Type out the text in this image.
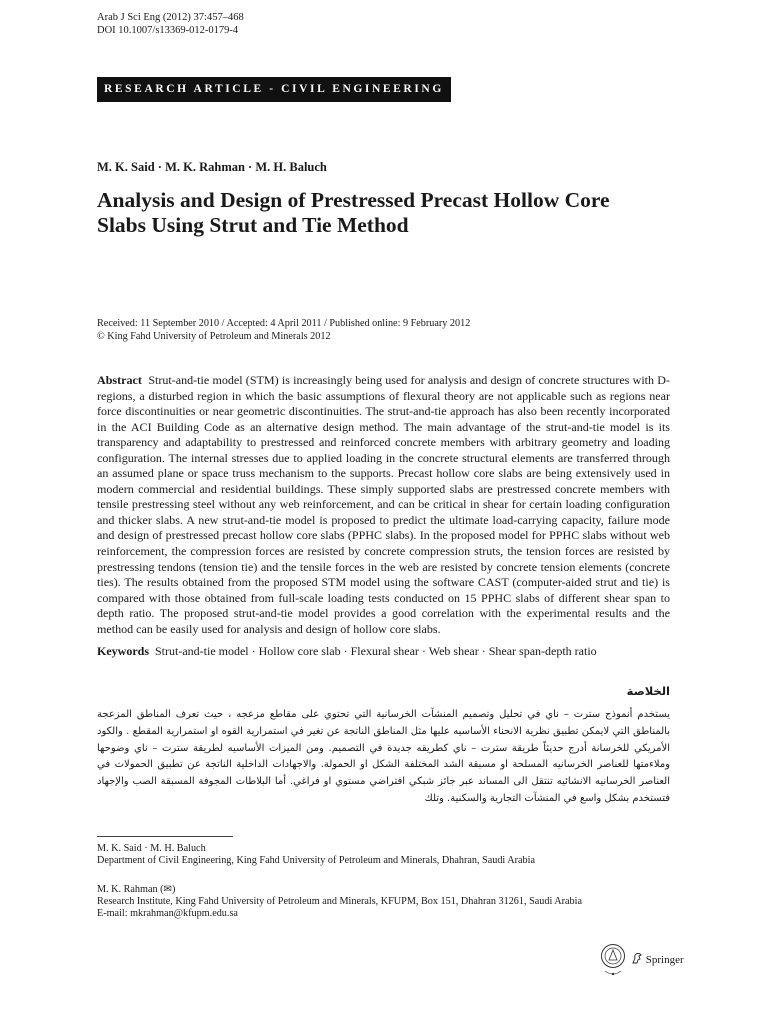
Arab J Sci Eng (2012) 37:457–468
DOI 10.1007/s13369-012-0179-4
RESEARCH ARTICLE - CIVIL ENGINEERING
M. K. Said · M. K. Rahman · M. H. Baluch
Analysis and Design of Prestressed Precast Hollow Core Slabs Using Strut and Tie Method
Received: 11 September 2010 / Accepted: 4 April 2011 / Published online: 9 February 2012
© King Fahd University of Petroleum and Minerals 2012
Abstract Strut-and-tie model (STM) is increasingly being used for analysis and design of concrete structures with D-regions, a disturbed region in which the basic assumptions of flexural theory are not applicable such as regions near force discontinuities or near geometric discontinuities. The strut-and-tie approach has also been recently incorporated in the ACI Building Code as an alternative design method. The main advantage of the strut-and-tie model is its transparency and adaptability to prestressed and reinforced concrete members with arbitrary geometry and loading configuration. The internal stresses due to applied loading in the concrete structural elements are transferred through an assumed plane or space truss mechanism to the supports. Precast hollow core slabs are being extensively used in modern commercial and residential buildings. These simply supported slabs are prestressed concrete members with tensile prestressing steel without any web reinforcement, and can be critical in shear for certain loading configuration and thicker slabs. A new strut-and-tie model is proposed to predict the ultimate load-carrying capacity, failure mode and design of prestressed precast hollow core slabs (PPHC slabs). In the proposed model for PPHC slabs without web reinforcement, the compression forces are resisted by concrete compression struts, the tension forces are resisted by prestressing tendons (tension tie) and the tensile forces in the web are resisted by concrete tension elements (concrete ties). The results obtained from the proposed STM model using the software CAST (computer-aided strut and tie) is compared with those obtained from full-scale loading tests conducted on 15 PPHC slabs of different shear span to depth ratio. The proposed strut-and-tie model provides a good correlation with the experimental results and the method can be easily used for analysis and design of hollow core slabs.
Keywords Strut-and-tie model · Hollow core slab · Flexural shear · Web shear · Shear span-depth ratio
الخلاصة
يستخدم أنموذج سترت – ناي في تحليل وتصميم المنشآت الخرسانية التي تحتوي على مقاطع مزعجه ، حيث تعرف المناطق المزعجة بالمناطق التي لايمكن تطبيق نظرية الانحناء الأساسيه عليها مثل المناطق الناتجة عن تغير في استمرارية القوه او استمرارية المقطع . والكود الأمريكي للخرسانة أدرج حديثاً طريقة سترت – ناي كطريقه جديدة في التصميم. ومن الميزات الأساسيه لطريقة سترت – ناي وضوحها وملاءمتها للعناصر الخرسانيه المسلحة او مسبقة الشد المختلفة الشكل او الحمولة. والاجهادات الداخلية الناتجة عن تطبيق الحمولات في العناصر الخرسانيه الانشائيه تنتقل الى المساند عبر جائز شبكي افتراضي مستوي او فراغي. أما البلاطات المجوفة المسبقة الصب والإجهاد فتستخدم بشكل واسع في المنشآت التجارية والسكنية. وتلك
M. K. Said · M. H. Baluch
Department of Civil Engineering, King Fahd University of Petroleum and Minerals, Dhahran, Saudi Arabia
M. K. Rahman (✉)
Research Institute, King Fahd University of Petroleum and Minerals, KFUPM, Box 151, Dhahran 31261, Saudi Arabia
E-mail: mkrahman@kfupm.edu.sa
Springer
